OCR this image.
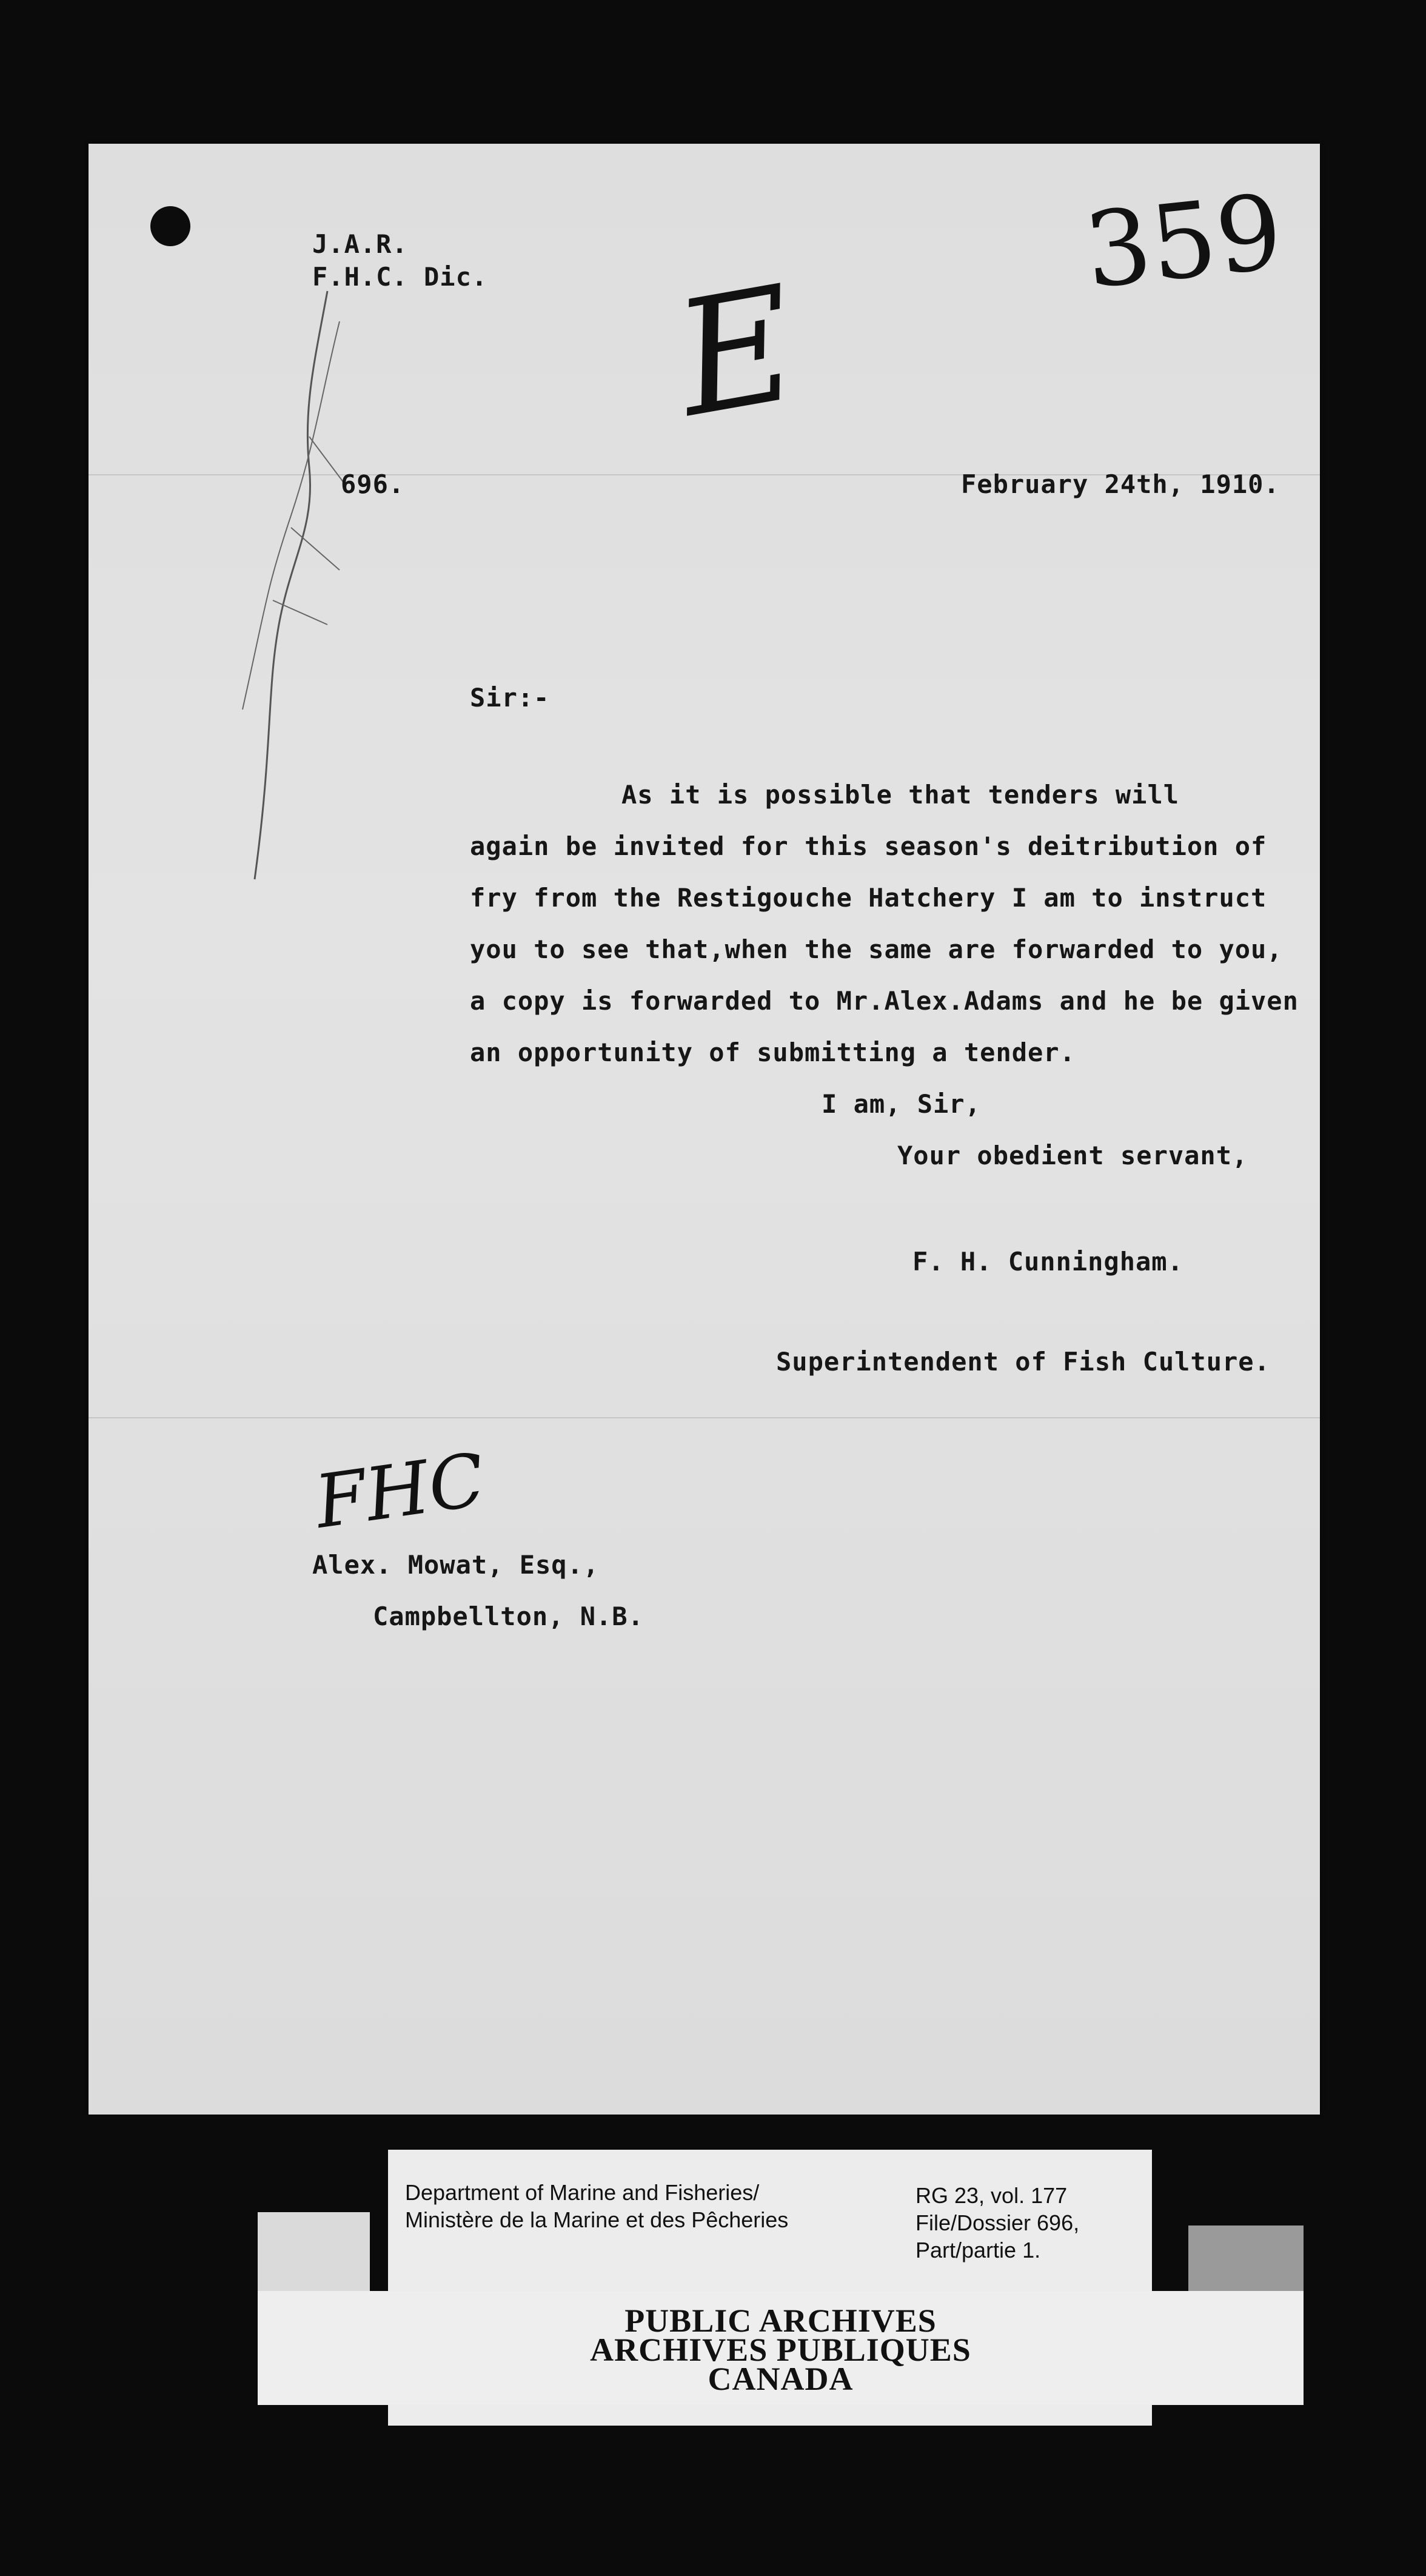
359
E
J.A.R.
F.H.C. Dic.
696.	February 24th, 1910.
Sir:-
As it is possible that tenders will
again be invited for this season's deitribution of
fry from the Restigouche Hatchery I am to instruct
you to see that,when the same are forwarded to you,
a copy is forwarded to Mr.Alex.Adams and he be given
an opportunity of submitting a tender.
I am, Sir,
Your obedient servant,
F. H. Cunningham.
Superintendent of Fish Culture.
FHC
Alex. Mowat, Esq.,
Campbellton, N.B.
Department of Marine and Fisheries/
Ministère de la Marine et des Pêcheries
RG 23, vol. 177
File/Dossier 696,
Part/partie 1.
PUBLIC ARCHIVES
ARCHIVES PUBLIQUES
CANADA
